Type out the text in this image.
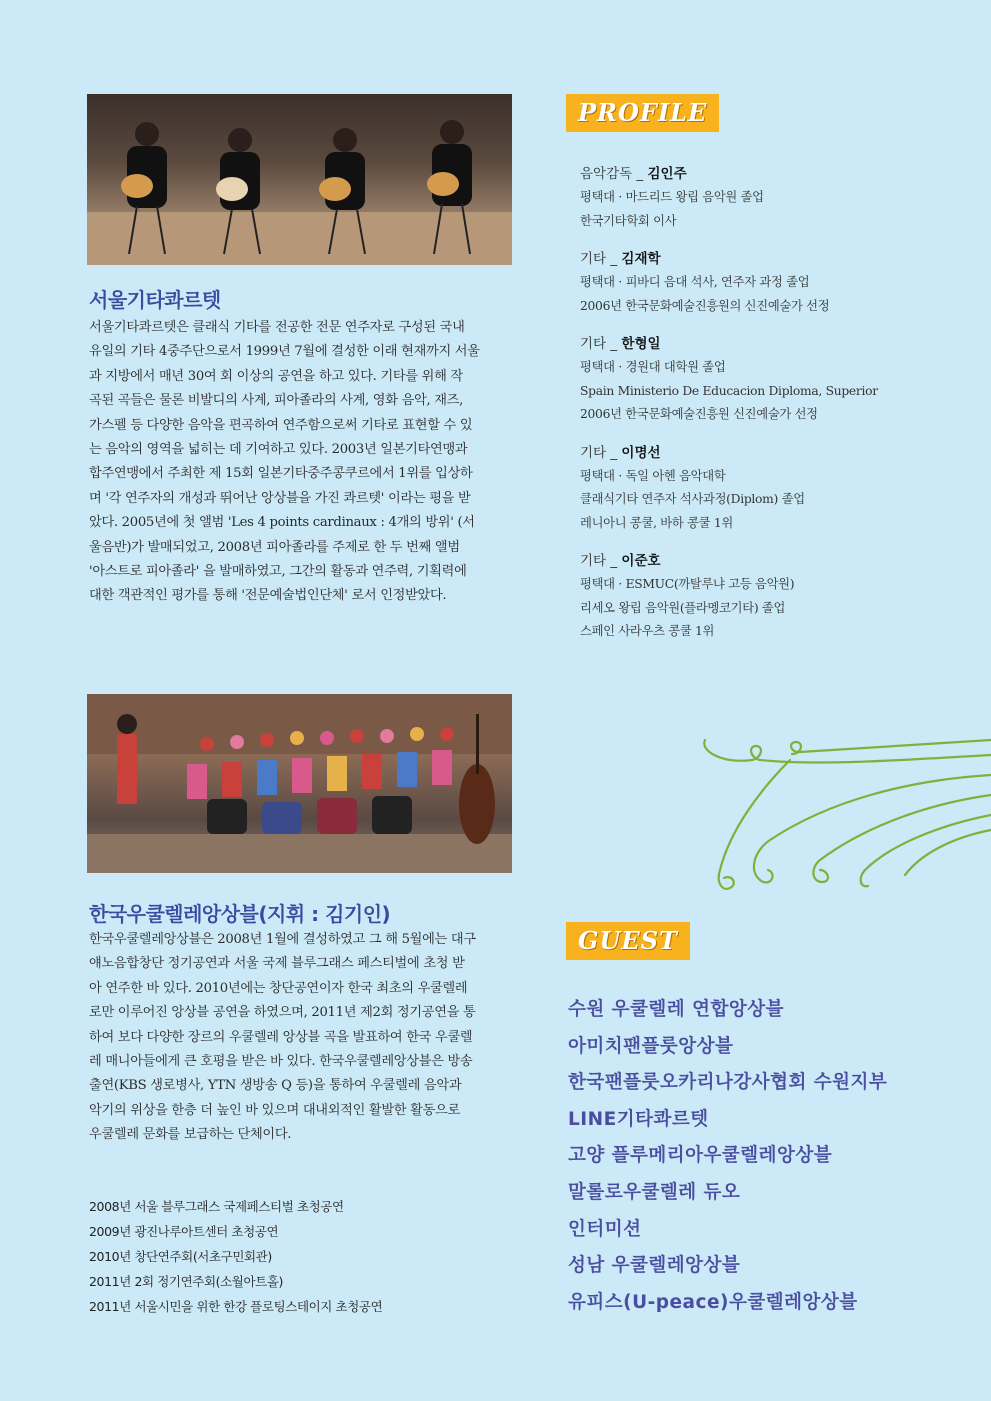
서울기타콰르텟

서울기타콰르텟은 클래식 기타를 전공한 전문 연주자로 구성된 국내
유일의 기타 4중주단으로서 1999년 7월에 결성한 이래 현재까지 서울
과 지방에서 매년 30여 회 이상의 공연을 하고 있다. 기타를 위해 작
곡된 곡들은 물론 비발디의 사계, 피아졸라의 사계, 영화 음악, 재즈,
가스펠 등 다양한 음악을 편곡하여 연주함으로써 기타로 표현할 수 있
는 음악의 영역을 넓히는 데 기여하고 있다. 2003년 일본기타연맹과
합주연맹에서 주최한 제 15회 일본기타중주콩쿠르에서 1위를 입상하
며 '각 연주자의 개성과 뛰어난 앙상블을 가진 콰르텟' 이라는 평을 받
았다. 2005년에 첫 앨범 'Les 4 points cardinaux : 4개의 방위' (서
울음반)가 발매되었고, 2008년 피아졸라를 주제로 한 두 번째 앨범
'아스트로 피아졸라' 을 발매하였고, 그간의 활동과 연주력, 기획력에
대한 객관적인 평가를 통해 '전문예술법인단체' 로서 인정받았다.

한국우쿨렐레앙상블(지휘 : 김기인)

한국우쿨렐레앙상블은 2008년 1월에 결성하였고 그 해 5월에는 대구
얘노음합창단 정기공연과 서울 국제 블루그래스 페스티벌에 초청 받
아 연주한 바 있다. 2010년에는 창단공연이자 한국 최초의 우쿨렐레
로만 이루어진 앙상블 공연을 하였으며, 2011년 제2회 정기공연을 통
하여 보다 다양한 장르의 우쿨렐레 앙상블 곡을 발표하여 한국 우쿨렐
레 매니아들에게 큰 호평을 받은 바 있다. 한국우쿨렐레앙상블은 방송
출연(KBS 생로병사, YTN 생방송 Q 등)을 통하여 우쿨렐레 음악과
악기의 위상을 한층 더 높인 바 있으며 대내외적인 활발한 활동으로
우쿨렐레 문화를 보급하는 단체이다.

2008년 서울 블루그래스 국제페스티벌 초청공연
2009년 광진나루아트센터 초청공연
2010년 창단연주회(서초구민회관)
2011년 2회 정기연주회(소월아트홀)
2011년 서울시민을 위한 한강 플로팅스테이지 초청공연
PROFILE

음악감독 _ 김인주

평택대 · 마드리드 왕립 음악원 졸업

한국기타학회 이사

기타 _ 김재학

평택대 · 피바디 음대 석사, 연주자 과정 졸업

2006년 한국문화예술진흥원의 신진예술가 선정

기타 _ 한형일

평택대 · 경원대 대학원 졸업

Spain Ministerio De Educacion Diploma, Superior

2006년 한국문화예술진흥원 신진예술가 선정

기타 _ 이명선

평택대 · 독일 아헨 음악대학

클래식기타 연주자 석사과정(Diplom) 졸업

레니아니 콩쿨, 바하 콩쿨 1위

기타 _ 이준호

평택대 · ESMUC(까탈루냐 고등 음악원)

리세오 왕립 음악원(플라멩코기타) 졸업

스페인 사라우츠 콩쿨 1위

GUEST
수원 우쿨렐레 연합앙상블
아미치팬플룻앙상블
한국팬플룻오카리나강사협회 수원지부
LINE기타콰르텟
고양 플루메리아우쿨렐레앙상블
말롤로우쿨렐레 듀오
인터미션
성남 우쿨렐레앙상블
유피스(U-peace)우쿨렐레앙상블
